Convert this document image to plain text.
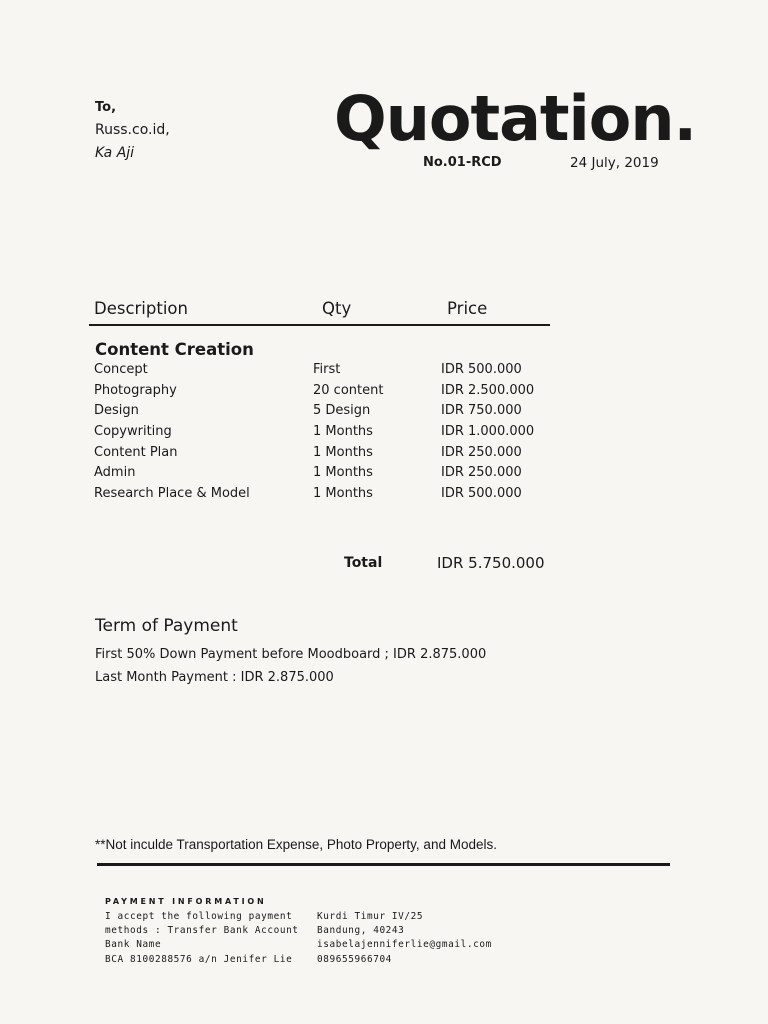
To,
Russ.co.id,
Ka Aji	Quotation.
No.01-RCD	24 July, 2019
Description	Qty	Price
Content Creation
Concept	First	IDR 500.000
Photography	20 content	IDR 2.500.000
Design	5 Design	IDR 750.000
Copywriting	1 Months	IDR 1.000.000
Content Plan	1 Months	IDR 250.000
Admin	1 Months	IDR 250.000
Research Place & Model	1 Months	IDR 500.000
Total	IDR 5.750.000
Term of Payment
First 50% Down Payment before Moodboard ; IDR 2.875.000
Last Month Payment : IDR 2.875.000
**Not inculde Transportation Expense, Photo Property, and Models.
PAYMENT INFORMATION
I accept the following payment
methods : Transfer Bank Account
Bank Name
BCA 8100288576 a/n Jenifer Lie
Kurdi Timur IV/25
Bandung, 40243
isabelajenniferlie@gmail.com
089655966704
